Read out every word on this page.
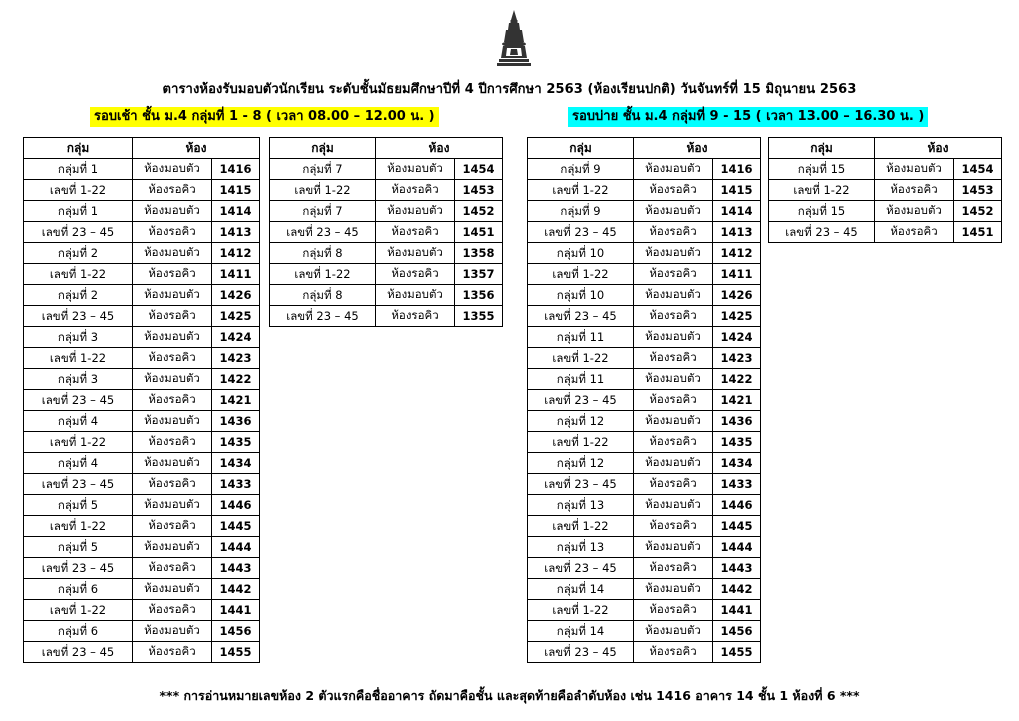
ตารางห้องรับมอบตัวนักเรียน ระดับชั้นมัธยมศึกษาปีที่ 4 ปีการศึกษา 2563 (ห้องเรียนปกติ) วันจันทร์ที่ 15 มิถุนายน 2563
รอบเช้า ชั้น ม.4 กลุ่มที่ 1 - 8 ( เวลา 08.00 – 12.00 น. )	รอบบ่าย ชั้น ม.4 กลุ่มที่ 9 - 15 ( เวลา 13.00 – 16.30 น. )
กลุ่ม	ห้อง	

กลุ่มที่ 1	ห้องมอบตัว	1416

เลขที่ 1-22	ห้องรอคิว	1415

กลุ่มที่ 1	ห้องมอบตัว	1414

เลขที่ 23 – 45	ห้องรอคิว	1413

กลุ่มที่ 2	ห้องมอบตัว	1412

เลขที่ 1-22	ห้องรอคิว	1411

กลุ่มที่ 2	ห้องมอบตัว	1426

เลขที่ 23 – 45	ห้องรอคิว	1425

กลุ่มที่ 3	ห้องมอบตัว	1424

เลขที่ 1-22	ห้องรอคิว	1423

กลุ่มที่ 3	ห้องมอบตัว	1422

เลขที่ 23 – 45	ห้องรอคิว	1421

กลุ่มที่ 4	ห้องมอบตัว	1436

เลขที่ 1-22	ห้องรอคิว	1435

กลุ่มที่ 4	ห้องมอบตัว	1434

เลขที่ 23 – 45	ห้องรอคิว	1433

กลุ่มที่ 5	ห้องมอบตัว	1446

เลขที่ 1-22	ห้องรอคิว	1445

กลุ่มที่ 5	ห้องมอบตัว	1444

เลขที่ 23 – 45	ห้องรอคิว	1443

กลุ่มที่ 6	ห้องมอบตัว	1442

เลขที่ 1-22	ห้องรอคิว	1441

กลุ่มที่ 6	ห้องมอบตัว	1456

เลขที่ 23 – 45	ห้องรอคิว	1455
กลุ่ม	ห้อง	

กลุ่มที่ 7	ห้องมอบตัว	1454

เลขที่ 1-22	ห้องรอคิว	1453

กลุ่มที่ 7	ห้องมอบตัว	1452

เลขที่ 23 – 45	ห้องรอคิว	1451

กลุ่มที่ 8	ห้องมอบตัว	1358

เลขที่ 1-22	ห้องรอคิว	1357

กลุ่มที่ 8	ห้องมอบตัว	1356

เลขที่ 23 – 45	ห้องรอคิว	1355
กลุ่ม	ห้อง	

กลุ่มที่ 9	ห้องมอบตัว	1416

เลขที่ 1-22	ห้องรอคิว	1415

กลุ่มที่ 9	ห้องมอบตัว	1414

เลขที่ 23 – 45	ห้องรอคิว	1413

กลุ่มที่ 10	ห้องมอบตัว	1412

เลขที่ 1-22	ห้องรอคิว	1411

กลุ่มที่ 10	ห้องมอบตัว	1426

เลขที่ 23 – 45	ห้องรอคิว	1425

กลุ่มที่ 11	ห้องมอบตัว	1424

เลขที่ 1-22	ห้องรอคิว	1423

กลุ่มที่ 11	ห้องมอบตัว	1422

เลขที่ 23 – 45	ห้องรอคิว	1421

กลุ่มที่ 12	ห้องมอบตัว	1436

เลขที่ 1-22	ห้องรอคิว	1435

กลุ่มที่ 12	ห้องมอบตัว	1434

เลขที่ 23 – 45	ห้องรอคิว	1433

กลุ่มที่ 13	ห้องมอบตัว	1446

เลขที่ 1-22	ห้องรอคิว	1445

กลุ่มที่ 13	ห้องมอบตัว	1444

เลขที่ 23 – 45	ห้องรอคิว	1443

กลุ่มที่ 14	ห้องมอบตัว	1442

เลขที่ 1-22	ห้องรอคิว	1441

กลุ่มที่ 14	ห้องมอบตัว	1456

เลขที่ 23 – 45	ห้องรอคิว	1455
กลุ่ม	ห้อง	

กลุ่มที่ 15	ห้องมอบตัว	1454

เลขที่ 1-22	ห้องรอคิว	1453

กลุ่มที่ 15	ห้องมอบตัว	1452

เลขที่ 23 – 45	ห้องรอคิว	1451
*** การอ่านหมายเลขห้อง 2 ตัวแรกคือชื่ออาคาร ถัดมาคือชั้น และสุดท้ายคือลำดับห้อง เช่น 1416 อาคาร 14 ชั้น 1 ห้องที่ 6 ***
